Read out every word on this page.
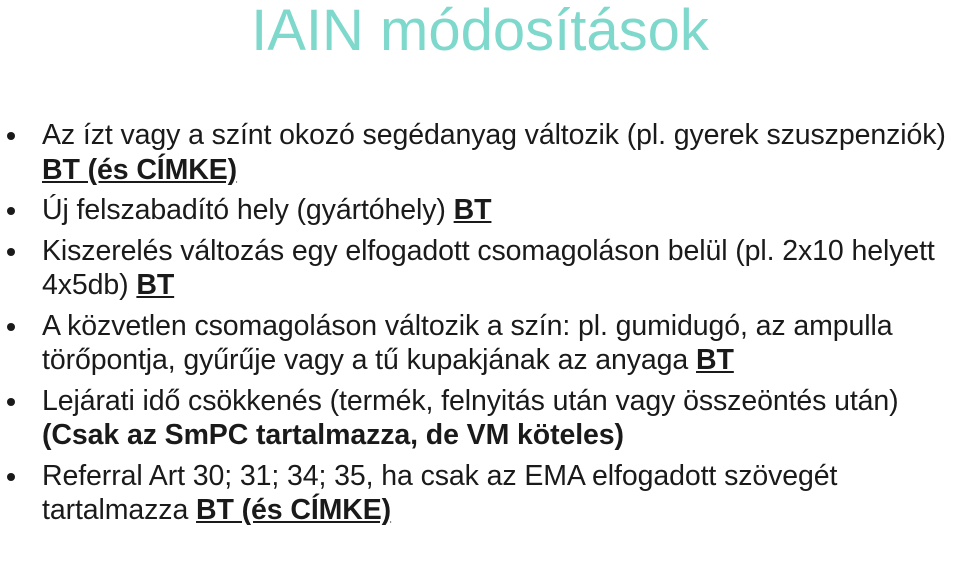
IAIN módosítások
Az ízt vagy a színt okozó segédanyag változik (pl. gyerek szuszpenziók) BT (és CÍMKE)
Új felszabadító hely (gyártóhely) BT
Kiszerelés változás egy elfogadott csomagoláson belül (pl. 2x10 helyett 4x5db) BT
A közvetlen csomagoláson változik a szín: pl. gumidugó, az ampulla törőpontja, gyűrűje vagy a tű kupakjának az anyaga BT
Lejárati idő csökkenés (termék, felnyitás után vagy összeöntés után) (Csak az SmPC tartalmazza, de VM köteles)
Referral Art 30; 31; 34; 35, ha csak az EMA elfogadott szövegét tartalmazza BT (és CÍMKE)
